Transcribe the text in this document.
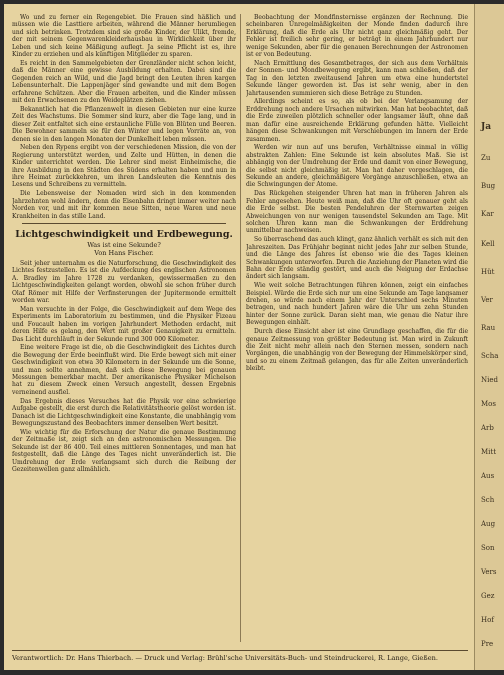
Wo und zu ferner ein Regengebiet. Die Frauen sind häßlich und müssen wie die Lasttiere arbeiten, während die Männer herumliegen und sich betrinken. Trotzdem sind sie große Kinder, der Ulikt, fremde, der mit seinem Gegenwarenkleiderhausbau in Wirklichkeit über ihr Leben und sich keine Mäßigung auflegt. Ja seine Pflicht ist es, ihre Kinder zu erziehen und als künftigen Mitglieder zu sparen.

Es reicht in den Sammelgebieten der Grenzländer nicht schon leicht, daß die Männer eine gewisse Ausbildung erhalten. Dabei sind die Gegenden reich an Wild, und die Jagd bringt den Leuten ihren kargen Lebensunterhalt. Die Lappenjäger sind gewandte und mit dem Bogen erfahrene Schützen. Aber die Frauen arbeiten, und die Kinder müssen mit den Erwachsenen zu den Weideplätzen ziehen.

Bekanntlich hat die Pflanzenwelt in diesen Gebieten nur eine kurze Zeit des Wachstums. Die Sommer sind kurz, aber die Tage lang, und in dieser Zeit entfaltet sich eine erstaunliche Fülle von Blüten und Beeren. Die Bewohner sammeln sie für den Winter und legen Vorräte an, von denen sie in den langen Monaten der Dunkelheit leben müssen.

Neben den Rypens ergibt von der verschiedenen Mission, die von der Regierung unterstützt werden, und Zelte und Hütten, in denen die Kinder unterrichtet werden. Die Lehrer sind meist Einheimische, die ihre Ausbildung in den Städten des Südens erhalten haben und nun in ihre Heimat zurückkehren, um ihren Landsleuten die Kenntnis des Lesens und Schreibens zu vermitteln.

Die Lebensweise der Nomaden wird sich in den kommenden Jahrzehnten wohl ändern, denn die Eisenbahn dringt immer weiter nach Norden vor, und mit ihr kommen neue Sitten, neue Waren und neue Krankheiten in das stille Land.

Lichtgeschwindigkeit und Erdbewegung.
Was ist eine Sekunde?
Von Hans Fischer.

Seit jeher unternahm es die Naturforschung, die Geschwindigkeit des Lichtes festzustellen. Es ist die Aufdeckung des englischen Astronomen A. Bradley im Jahre 1728 zu verdanken, gewissermaßen zu den Lichtgeschwindigkeiten gelangt worden, obwohl sie schon früher durch Olaf Römer mit Hilfe der Verfinsterungen der Jupitermonde ermittelt worden war.

Man versuchte in der Folge, die Geschwindigkeit auf dem Wege des Experiments im Laboratorium zu bestimmen, und die Physiker Fizeau und Foucault haben im vorigen Jahrhundert Methoden erdacht, mit deren Hilfe es gelang, den Wert mit großer Genauigkeit zu ermitteln. Das Licht durchläuft in der Sekunde rund 300 000 Kilometer.

Eine weitere Frage ist die, ob die Geschwindigkeit des Lichtes durch die Bewegung der Erde beeinflußt wird. Die Erde bewegt sich mit einer Geschwindigkeit von etwa 30 Kilometern in der Sekunde um die Sonne, und man sollte annehmen, daß sich diese Bewegung bei genauen Messungen bemerkbar macht. Der amerikanische Physiker Michelson hat zu diesem Zweck einen Versuch angestellt, dessen Ergebnis verneinend ausfiel.

Das Ergebnis dieses Versuches hat die Physik vor eine schwierige Aufgabe gestellt, die erst durch die Relativitätstheorie gelöst worden ist. Danach ist die Lichtgeschwindigkeit eine Konstante, die unabhängig vom Bewegungszustand des Beobachters immer denselben Wert besitzt.

Wie wichtig für die Erforschung der Natur die genaue Bestimmung der Zeitmaße ist, zeigt sich an den astronomischen Messungen. Die Sekunde ist der 86 400. Teil eines mittleren Sonnentages, und man hat festgestellt, daß die Länge des Tages nicht unveränderlich ist. Die Umdrehung der Erde verlangsamt sich durch die Reibung der Gezeitenwellen ganz allmählich.

Beobachtung der Mondfinsternisse ergänzen der Rechnung. Die scheinbaren Unregelmäßigkeiten der Monde finden dadurch ihre Erklärung, daß die Erde als Uhr nicht ganz gleichmäßig geht. Der Fehler ist freilich sehr gering, er beträgt in einem Jahrhundert nur wenige Sekunden, aber für die genauen Berechnungen der Astronomen ist er von Bedeutung.

Nach Ermittlung des Gesamtbetrages, der sich aus dem Verhältnis der Sonnen- und Mondbewegung ergibt, kann man schließen, daß der Tag in den letzten zweitausend Jahren um etwa eine hundertstel Sekunde länger geworden ist. Das ist sehr wenig, aber in den Jahrtausenden summieren sich diese Beträge zu Stunden.

Allerdings scheint es so, als ob bei der Verlangsamung der Erddrehung noch andere Ursachen mitwirken. Man hat beobachtet, daß die Erde zuweilen plötzlich schneller oder langsamer läuft, ohne daß man dafür eine ausreichende Erklärung gefunden hätte. Vielleicht hängen diese Schwankungen mit Verschiebungen im Innern der Erde zusammen.

Werden wir nun auf uns berufen, Verhältnisse einmal in völlig abstrakten Zahlen: Eine Sekunde ist kein absolutes Maß. Sie ist abhängig von der Umdrehung der Erde und damit von einer Bewegung, die selbst nicht gleichmäßig ist. Man hat daher vorgeschlagen, die Sekunde an andere, gleichmäßigere Vorgänge anzuschließen, etwa an die Schwingungen der Atome.

Das Rückgehen steigender Uhren hat man in früheren Jahren als Fehler angesehen. Heute weiß man, daß die Uhr oft genauer geht als die Erde selbst. Die besten Pendeluhren der Sternwarten zeigen Abweichungen von nur wenigen tausendstel Sekunden am Tage. Mit solchen Uhren kann man die Schwankungen der Erddrehung unmittelbar nachweisen.

So überraschend das auch klingt, ganz ähnlich verhält es sich mit den Jahreszeiten. Das Frühjahr beginnt nicht jedes Jahr zur selben Stunde, und die Länge des Jahres ist ebenso wie die des Tages kleinen Schwankungen unterworfen. Durch die Anziehung der Planeten wird die Bahn der Erde ständig gestört, und auch die Neigung der Erdachse ändert sich langsam.

Wie weit solche Betrachtungen führen können, zeigt ein einfaches Beispiel. Würde die Erde sich nur um eine Sekunde am Tage langsamer drehen, so würde nach einem Jahr der Unterschied sechs Minuten betragen, und nach hundert Jahren wäre die Uhr um zehn Stunden hinter der Sonne zurück. Daran sieht man, wie genau die Natur ihre Bewegungen einhält.

Durch diese Einsicht aber ist eine Grundlage geschaffen, die für die genaue Zeitmessung von größter Bedeutung ist. Man wird in Zukunft die Zeit nicht mehr allein nach den Sternen messen, sondern nach Vorgängen, die unabhängig von der Bewegung der Himmelskörper sind, und so zu einem Zeitmaß gelangen, das für alle Zeiten unveränderlich bleibt.

Verantwortlich: Dr. Hans Thierbach. — Druck und Verlag: Brühl'sche Universitäts-Buch- und Steindruckerei, R. Lange, Gießen.
Ja
Zu
Bug
Kar
Kell
Hüt
Ver
Rau
Scha
Nied
Mos
Arb
Mitt
Aus
Sch
Aug
Son
Vers
Gez
Hof
Pre
